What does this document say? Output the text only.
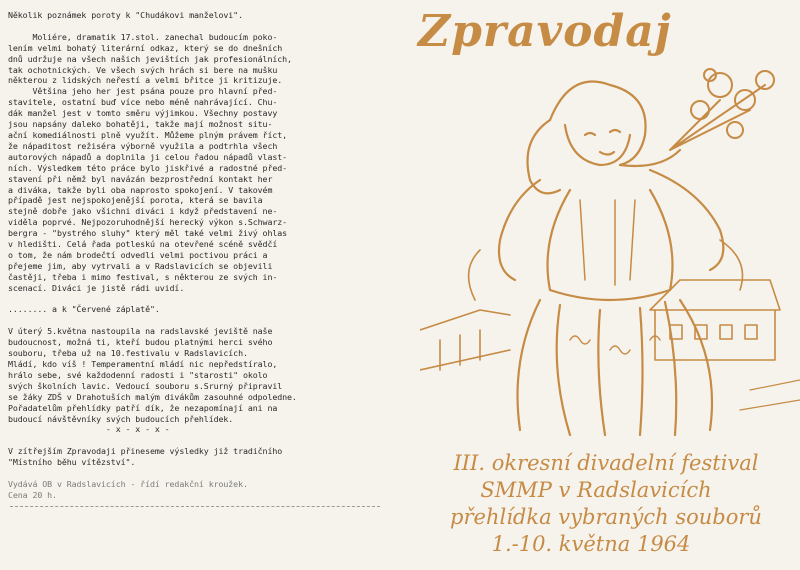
Několik poznámek poroty k "Chudákovi manželovi".

Moliére, dramatik 17.stol. zanechal budoucím poko-

lením velmi bohatý literární odkaz, který se do dnešních

dnů udržuje na všech našich jevištích jak profesionálních,

tak ochotnických. Ve všech svých hrách si bere na mušku

některou z lidských neřestí a velmi břitce ji kritizuje.

Většina jeho her jest psána pouze pro hlavní před-

stavitele, ostatní buď více nebo méně nahrávající. Chu-

dák manžel jest v tomto směru výjimkou. Všechny postavy

jsou napsány daleko bohatěji, takže mají možnost situ-

ační komediálnosti plně využít. Můžeme plným právem říct,

že nápaditost režisérа výborně využila a podtrhla všech

autorových nápadů a doplnila ji celou řadou nápadů vlast-

ních. Výsledkem této práce bylo jiskřivé a radostné před-

stavení při němž byl navázán bezprostřední kontakt her

a diváka, takže byli oba naprosto spokojení. V takovém

případě jest nejspokojenější porota, která se bavila

stejně dobře jako všichni diváci i když představení ne-

viděla poprvé. Nejpozoruhodnější herecký výkon s.Schwarz-

bergra - "bystrého sluhy" který měl také velmi živý ohlas

v hledišti. Celá řada potleskú na otevřené scéně svědčí

o tom, že nám brodečtí odvedli velmi poctivou práci a

přejeme jim, aby vytrvali a v Radslavicích se objevili

častěji, třeba i mimo festival, s některou ze svých in-

scenací. Diváci je jistě rádi uvidí.

........ a k "Červené záplatě".

V úterý 5.května nastoupila na radslavské jeviště naše

budoucnost, možná ti, kteří budou platnými herci svého

souboru, třeba už na 10.festivalu v Radslavicích.

Mládí, kdo víš ! Temperamentní mládí nic nepředstíralo,

hrálo sebe, své každodenní radosti i "starosti" okolo

svých školních lavic. Vedoucí souboru s.Srurný připravil

se žáky ZDŠ v Drahotuších malým divákům zasouhné odpoledne.

Pořadatelům přehlídky patří dík, že nezapomínají ani na

budoucí návštěvníky svých budoucích přehlídek.

- x - x - x -

V zítřejším Zpravodaji přineseme výsledky již tradičního

"Místního běhu vítězství".

Vydává OB v Radslavicích - řídí redakční kroužek.

Cena 20 h.

Zpravodaj
III. okresní divadelní festival
SMMP v Radslavicích
přehlídka vybraných souborů
1.-10. května 1964
